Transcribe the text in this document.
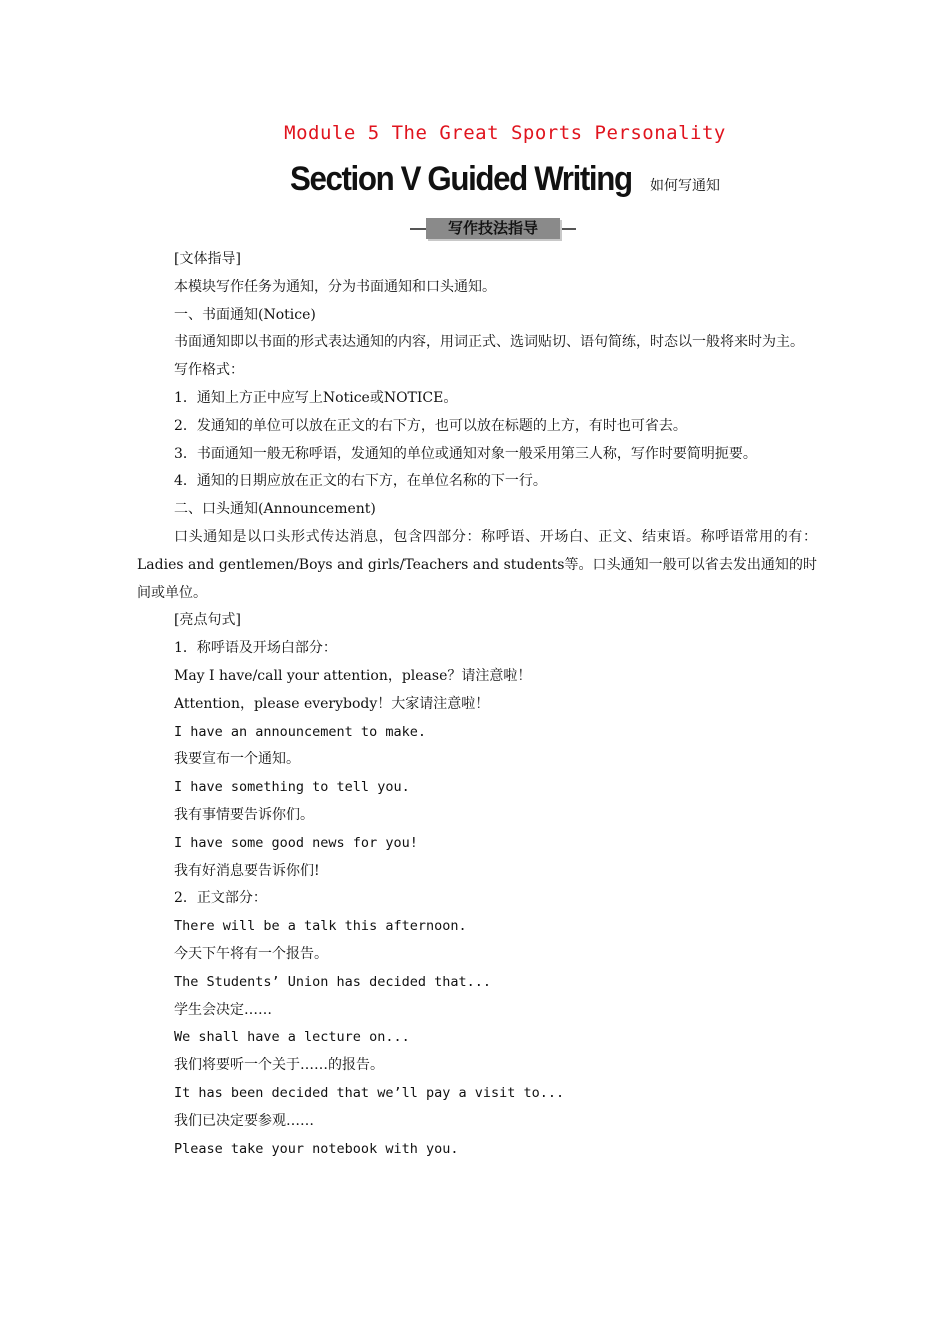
Module 5 The Great Sports Personality
Section V Guided Writing 如何写通知
写作技法指导

[文体指导]

本模块写作任务为通知，分为书面通知和口头通知。

一、书面通知(Notice)

书面通知即以书面的形式表达通知的内容，用词正式、选词贴切、语句简练，时态以一般将来时为主。

写作格式：

1．通知上方正中应写上Notice或NOTICE。

2．发通知的单位可以放在正文的右下方，也可以放在标题的上方，有时也可省去。

3．书面通知一般无称呼语，发通知的单位或通知对象一般采用第三人称，写作时要简明扼要。

4．通知的日期应放在正文的右下方，在单位名称的下一行。

二、口头通知(Announcement)

口头通知是以口头形式传达消息，包含四部分：称呼语、开场白、正文、结束语。称呼语常用的有：Ladies and gentlemen/Boys and girls/Teachers and students等。口头通知一般可以省去发出通知的时间或单位。

[亮点句式]

1．称呼语及开场白部分：

May I have/call your attention，please？请注意啦！

Attention，please everybody！大家请注意啦！

I have an announcement to make.

我要宣布一个通知。

I have something to tell you.

我有事情要告诉你们。

I have some good news for you!

我有好消息要告诉你们!

2．正文部分：

There will be a talk this afternoon.

今天下午将有一个报告。

The Students’ Union has decided that...

学生会决定……

We shall have a lecture on...

我们将要听一个关于……的报告。

It has been decided that we’ll pay a visit to...

我们已决定要参观……

Please take your notebook with you.
